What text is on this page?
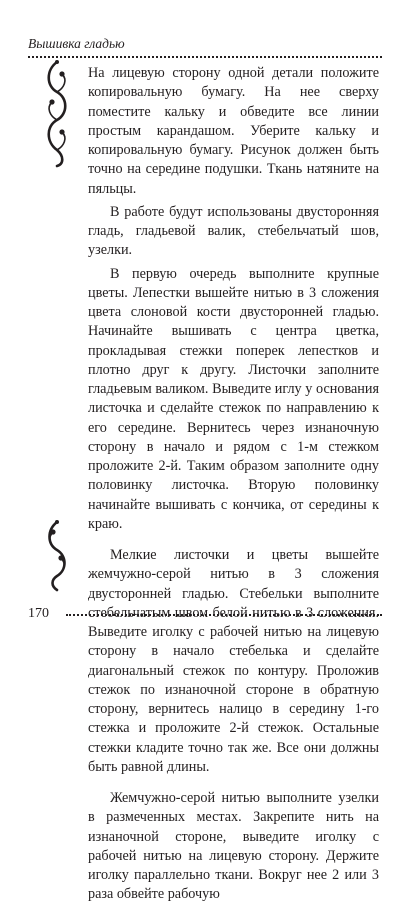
Вышивка гладью

На лицевую сторону одной детали положите копировальную бумагу. На нее сверху поместите кальку и обведите все линии простым карандашом. Уберите кальку и копировальную бумагу. Рисунок должен быть точно на середине подушки. Ткань натяните на пяльцы.

В работе будут использованы двусторонняя гладь, гладьевой валик, стебельчатый шов, узелки.

В первую очередь выполните крупные цветы. Лепестки вышейте нитью в 3 сложения цвета слоновой кости двусторонней гладью. Начинайте вышивать с центра цветка, прокладывая стежки поперек лепестков и плотно друг к другу. Листочки заполните гладьевым валиком. Выведите иглу у основания листочка и сделайте стежок по направлению к его середине. Вернитесь через изнаночную сторону в начало и рядом с 1-м стежком проложите 2-й. Таким образом заполните одну половинку листочка. Вторую половинку начинайте вышивать с кончика, от середины к краю.

Мелкие листочки и цветы вышейте жемчужно-серой нитью в 3 сложения двусторонней гладью. Стебельки выполните стебельчатым швом белой нитью в 3 сложения. Выведите иголку с рабочей нитью на лицевую сторону в начало стебелька и сделайте диагональный стежок по контуру. Проложив стежок по изнаночной стороне в обратную сторону, вернитесь налицо в середину 1-го стежка и проложите 2-й стежок. Остальные стежки кладите точно так же. Все они должны быть равной длины.

Жемчужно-серой нитью выполните узелки в размеченных местах. Закрепите нить на изнаночной стороне, выведите иголку с рабочей нитью на лицевую сторону. Держите иголку параллельно ткани. Вокруг нее 2 или 3 раза обвейте рабочую

170
